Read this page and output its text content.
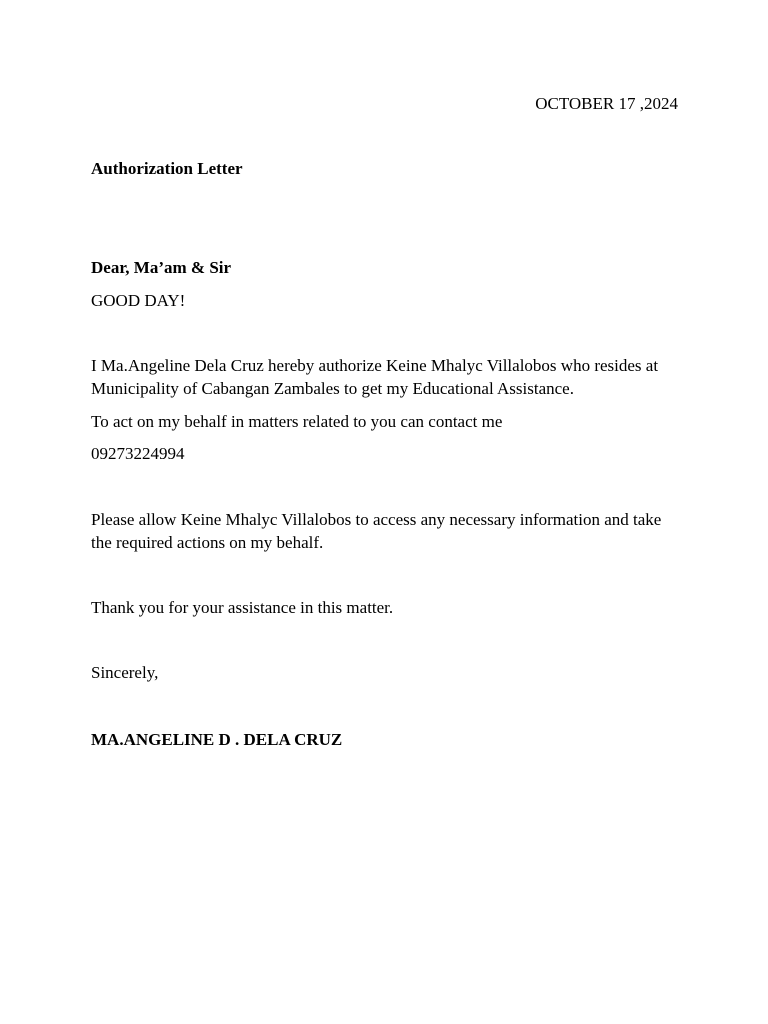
OCTOBER 17 ,2024
Authorization Letter
Dear, Ma’am & Sir
GOOD DAY!
I Ma.Angeline Dela Cruz hereby authorize Keine Mhalyc Villalobos who resides at Municipality of Cabangan Zambales to get my Educational Assistance.
To act on my behalf in matters related to you can contact me
09273224994
Please allow Keine Mhalyc Villalobos to access any necessary information and take the required actions on my behalf.
Thank you for your assistance in this matter.
Sincerely,
MA.ANGELINE D . DELA CRUZ
